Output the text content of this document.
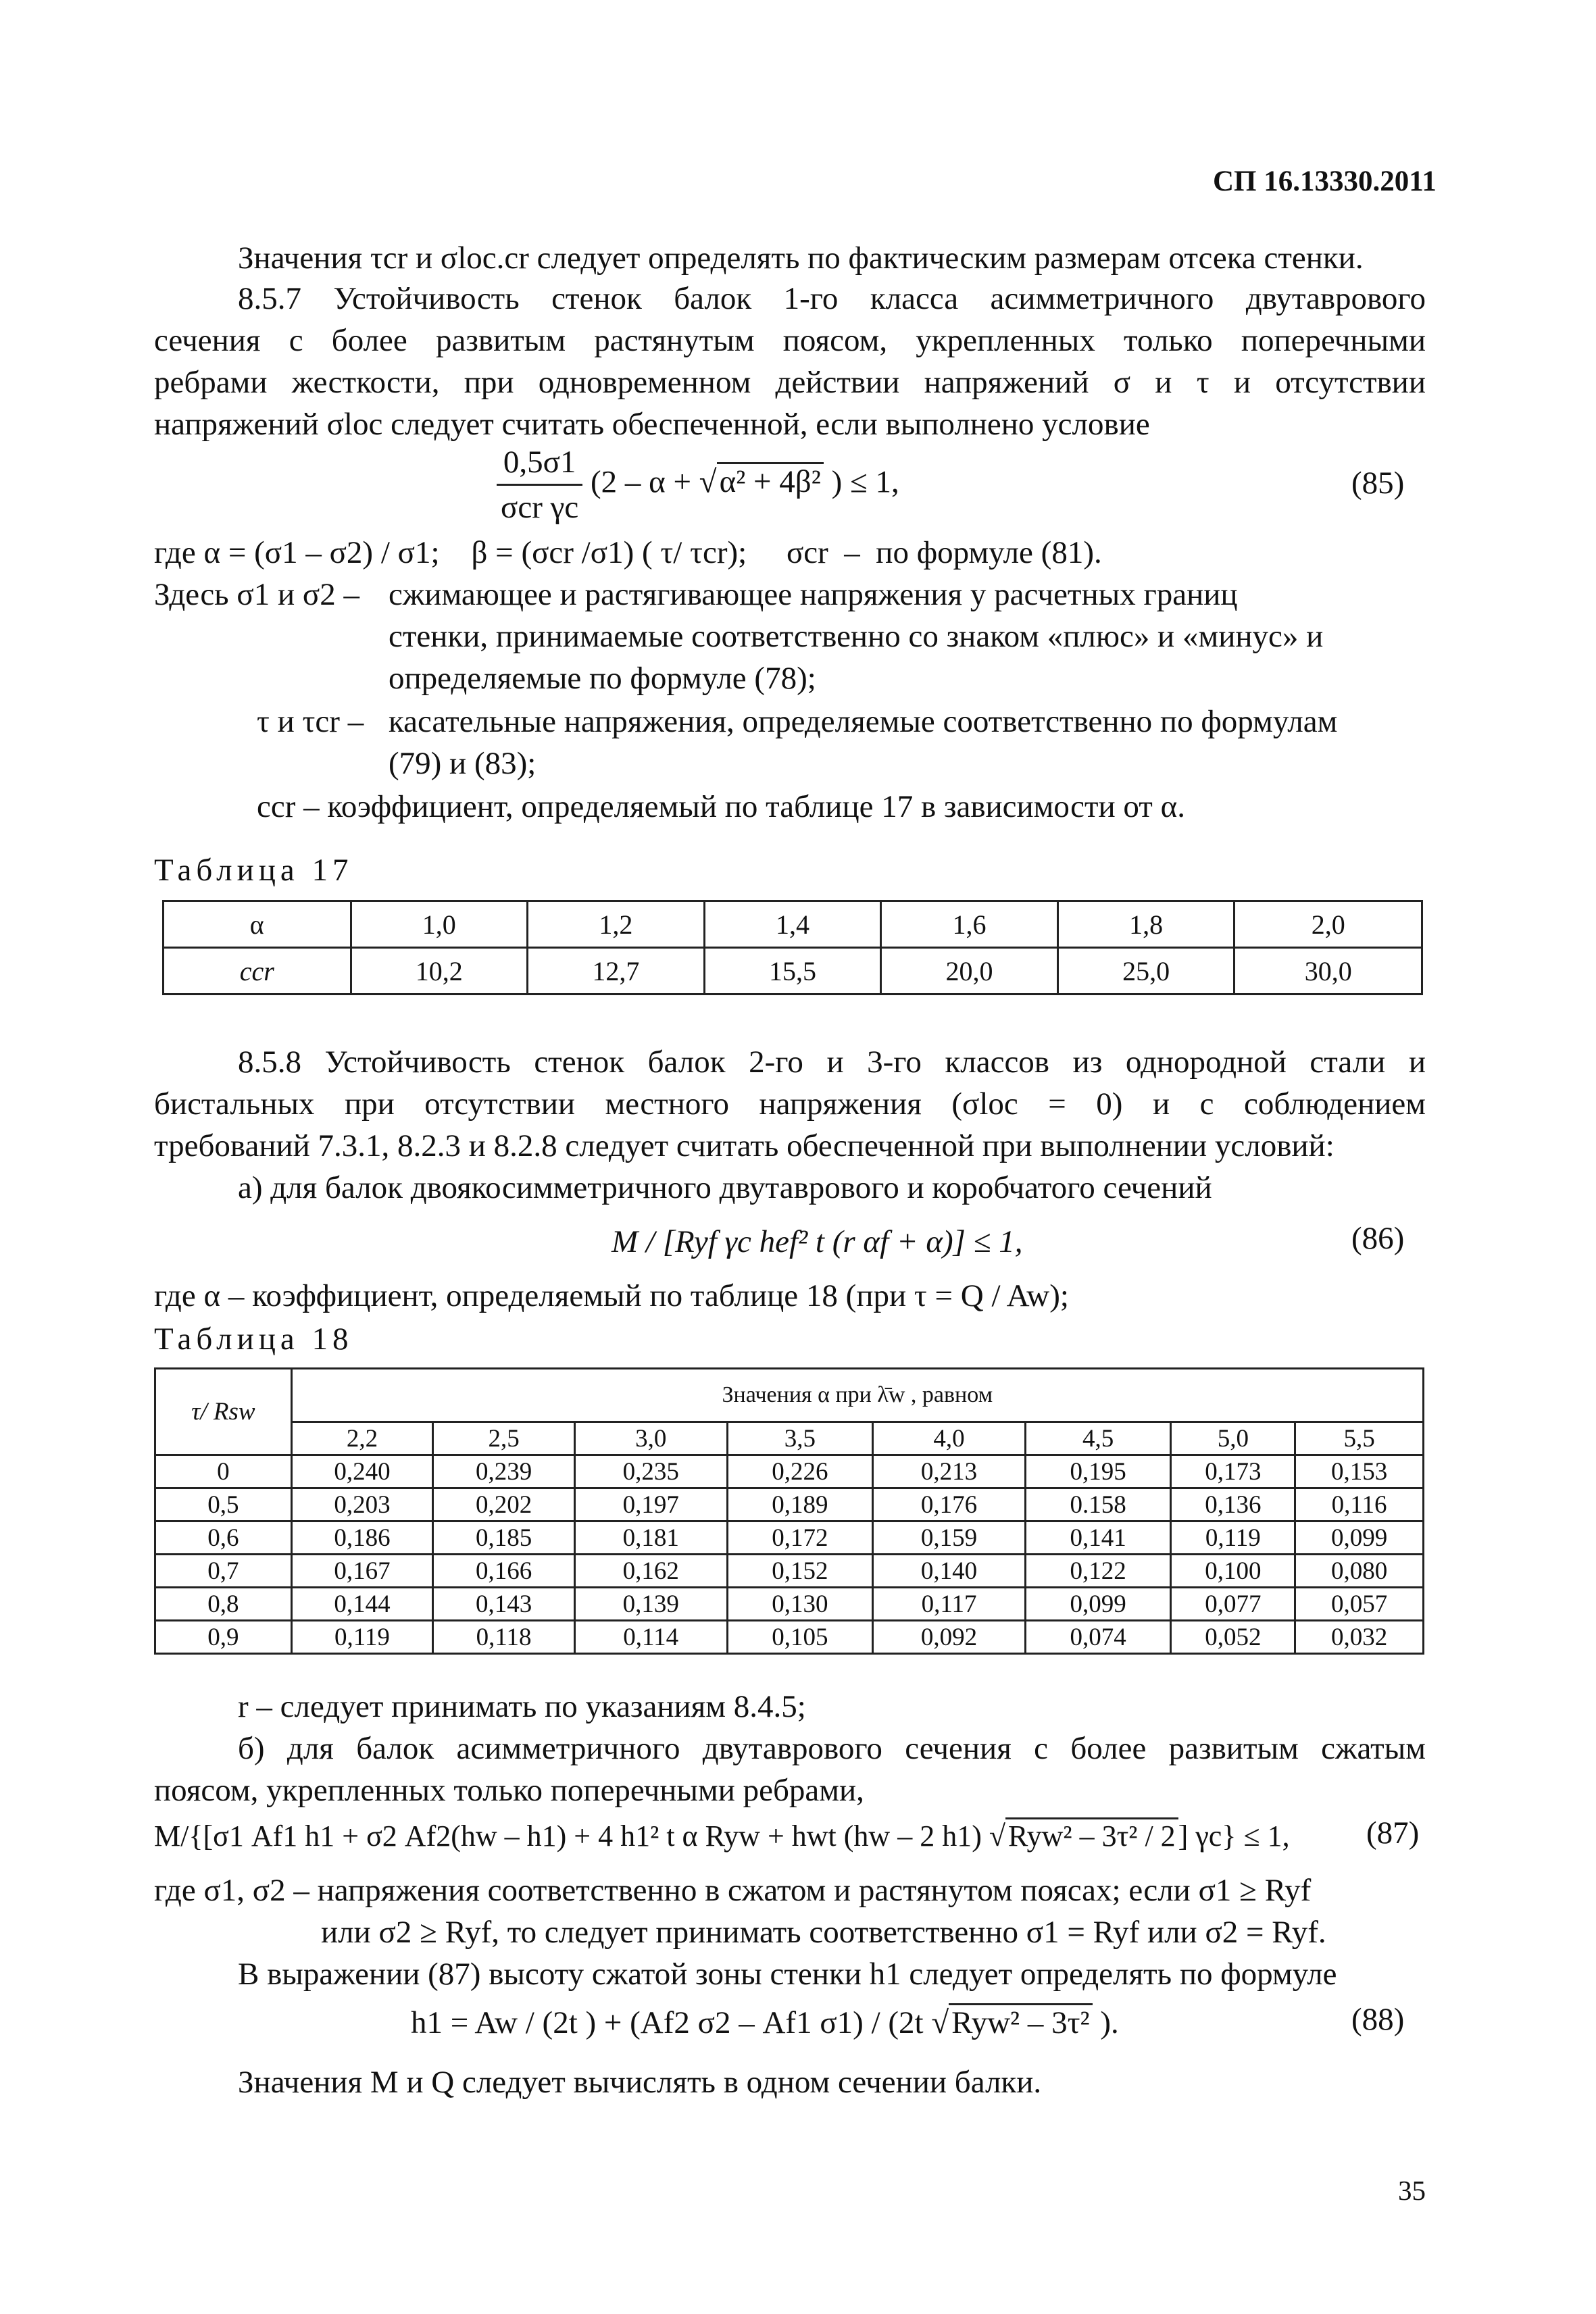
СП 16.13330.2011
Значения τcr и σloc.cr следует определять по фактическим размерам отсека стенки.
8.5.7 Устойчивость стенок балок 1-го класса асимметричного двутаврового
сечения с более развитым растянутым поясом, укрепленных только поперечными
ребрами жесткости, при одновременном действии напряжений σ и τ и отсутствии
напряжений σloc следует считать обеспеченной, если выполнено условие
$\frac{0,5\sigma 1}{\text{σcr γc}} (2 - \alpha + √\alpha^2 + 4\beta^2$ ) ≤ 1,	(85)
где α = (σ1 – σ2) / σ1;    β = (σcr /σ1) ( τ/ τcr);     σcr  –  по формуле (81).
Здесь σ1 и σ2 – сжимающее и растягивающее напряжения у расчетных границ
стенки, принимаемые соответственно со знаком «плюс» и «минус» и
определяемые по формуле (78);
τ и τcr – касательные напряжения, определяемые соответственно по формулам
(79) и (83);
ccr – коэффициент, определяемый по таблице 17 в зависимости от α.
Таблица 17
α	1,0	1,2	1,4	1,6	1,8	2,0
ccr	10,2	12,7	15,5	20,0	25,0	30,0
8.5.8 Устойчивость стенок балок 2-го и 3-го классов из однородной стали и
бистальных при отсутствии местного напряжения (σloc = 0) и с соблюдением
требований 7.3.1, 8.2.3 и 8.2.8 следует считать обеспеченной при выполнении условий:
а) для балок двоякосимметричного двутаврового и коробчатого сечений
M / [Ryf γc hef² t (r αf + α)] ≤ 1,	(86)
где α – коэффициент, определяемый по таблице 18 (при τ = Q / Aw);
Таблица 18
τ/ Rsw	Значения α при λ̄w , равном							
	2,2	2,5	3,0	3,5	4,0	4,5	5,0	5,5
0	0,240	0,239	0,235	0,226	0,213	0,195	0,173	0,153
0,5	0,203	0,202	0,197	0,189	0,176	0.158	0,136	0,116
0,6	0,186	0,185	0,181	0,172	0,159	0,141	0,119	0,099
0,7	0,167	0,166	0,162	0,152	0,140	0,122	0,100	0,080
0,8	0,144	0,143	0,139	0,130	0,117	0,099	0,077	0,057
0,9	0,119	0,118	0,114	0,105	0,092	0,074	0,052	0,032
r – следует принимать по указаниям 8.4.5;
б) для балок асимметричного двутаврового сечения с более развитым сжатым
поясом, укрепленных только поперечными ребрами,
M/{[σ1 Af1 h1 + σ2 Af2(hw – h1) + 4 h1² t α Ryw + hwt (hw – 2 h1) √Ryw² – 3τ² / 2] γc} ≤ 1, (87)
где σ1, σ2 – напряжения соответственно в сжатом и растянутом поясах; если σ1 ≥ Ryf
или σ2 ≥ Ryf, то следует принимать соответственно σ1 = Ryf или σ2 = Ryf.
В выражении (87) высоту сжатой зоны стенки h1 следует определять по формуле
h1 = Aw / (2t ) + (Af2 σ2 – Af1 σ1) / (2t √Ryw² – 3τ² ).	(88)
Значения M и Q следует вычислять в одном сечении балки.
35
